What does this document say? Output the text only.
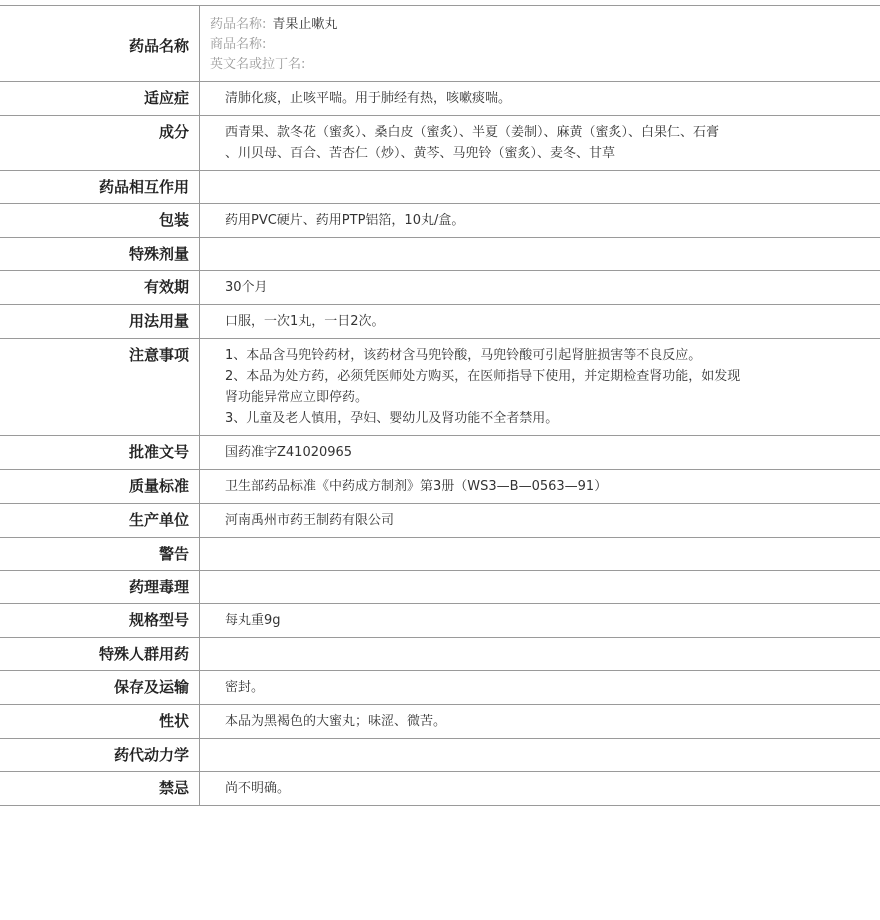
药品名称
药品名称: 青果止嗽丸
商品名称:
英文名或拉丁名:
适应症	清肺化痰，止咳平喘。用于肺经有热，咳嗽痰喘。

成分	西青果、款冬花（蜜炙）、桑白皮（蜜炙）、半夏（姜制）、麻黄（蜜炙）、白果仁、石膏

、川贝母、百合、苦杏仁（炒）、黄芩、马兜铃（蜜炙）、麦冬、甘草

药品相互作用
包装	药用PVC硬片、药用PTP铝箔，10丸/盒。

特殊剂量
有效期	30个月

用法用量	口服，一次1丸，一日2次。

注意事项	1、本品含马兜铃药材，该药材含马兜铃酸，马兜铃酸可引起肾脏损害等不良反应。

2、本品为处方药，必须凭医师处方购买，在医师指导下使用，并定期检查肾功能，如发现

肾功能异常应立即停药。

3、儿童及老人慎用，孕妇、婴幼儿及肾功能不全者禁用。

批准文号	国药准字Z41020965

质量标准	卫生部药品标准《中药成方制剂》第3册（WS3—B—0563—91）

生产单位	河南禹州市药王制药有限公司

警告
药理毒理
规格型号	每丸重9g

特殊人群用药
保存及运输	密封。

性状	本品为黑褐色的大蜜丸；味涩、微苦。

药代动力学
禁忌	尚不明确。
